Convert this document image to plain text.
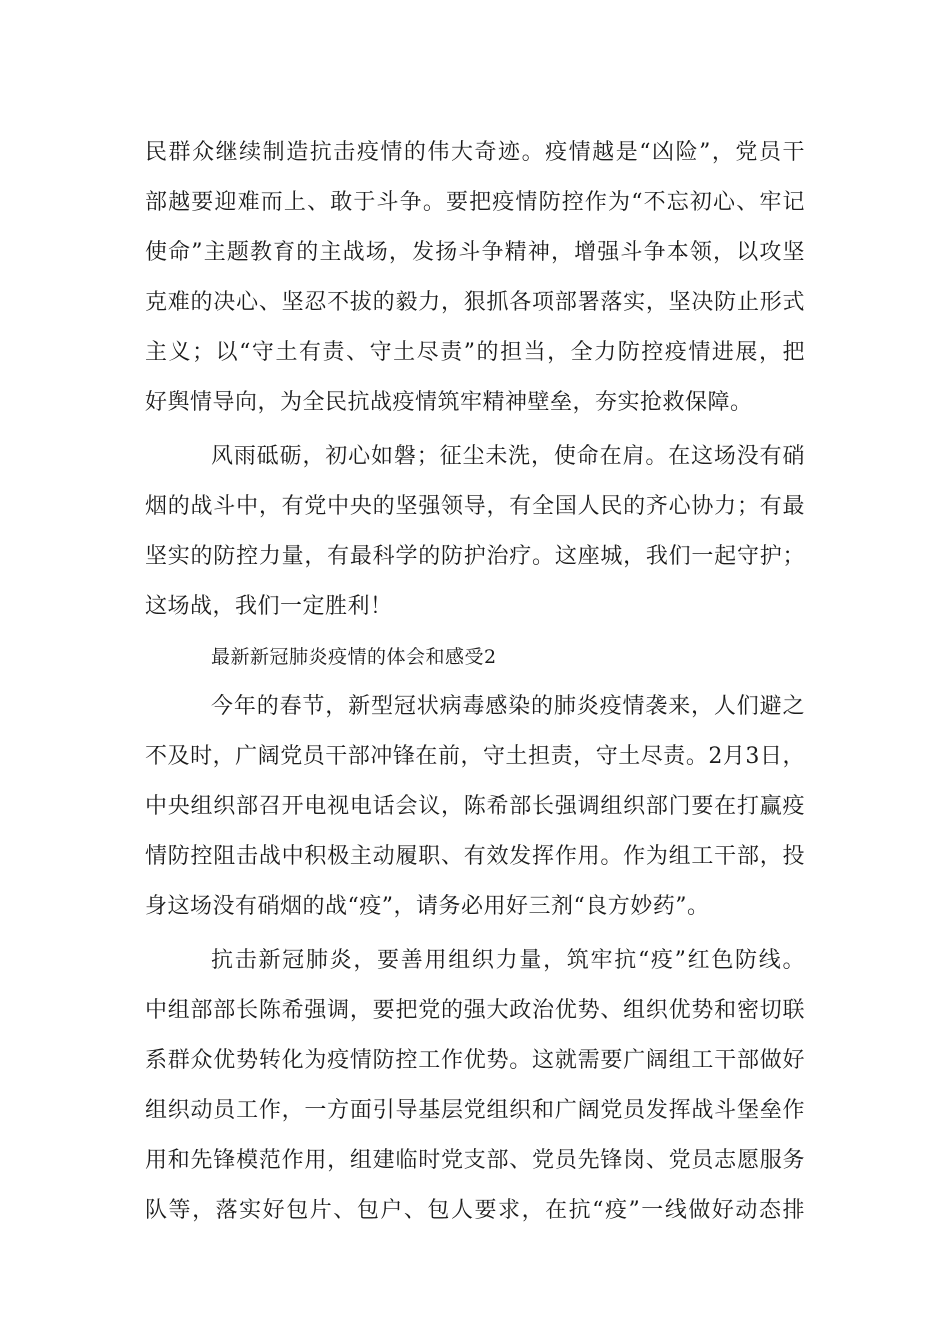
民群众继续制造抗击疫情的伟大奇迹。疫情越是“凶险”，党员干
部越要迎难而上、敢于斗争。要把疫情防控作为“不忘初心、牢记
使命”主题教育的主战场，发扬斗争精神，增强斗争本领，以攻坚
克难的决心、坚忍不拔的毅力，狠抓各项部署落实，坚决防止形式
主义；以“守土有责、守土尽责”的担当，全力防控疫情进展，把
好舆情导向，为全民抗战疫情筑牢精神壁垒，夯实抢救保障。
风雨砥砺，初心如磐；征尘未洗，使命在肩。在这场没有硝
烟的战斗中，有党中央的坚强领导，有全国人民的齐心协力；有最
坚实的防控力量，有最科学的防护治疗。这座城，我们一起守护；
这场战，我们一定胜利！
最新新冠肺炎疫情的体会和感受2
今年的春节，新型冠状病毒感染的肺炎疫情袭来，人们避之
不及时，广阔党员干部冲锋在前，守土担责，守土尽责。2月3日，
中央组织部召开电视电话会议，陈希部长强调组织部门要在打赢疫
情防控阻击战中积极主动履职、有效发挥作用。作为组工干部，投
身这场没有硝烟的战“疫”，请务必用好三剂“良方妙药”。
抗击新冠肺炎，要善用组织力量，筑牢抗“疫”红色防线。
中组部部长陈希强调，要把党的强大政治优势、组织优势和密切联
系群众优势转化为疫情防控工作优势。这就需要广阔组工干部做好
组织动员工作，一方面引导基层党组织和广阔党员发挥战斗堡垒作
用和先锋模范作用，组建临时党支部、党员先锋岗、党员志愿服务
队等，落实好包片、包户、包人要求，在抗“疫”一线做好动态排
